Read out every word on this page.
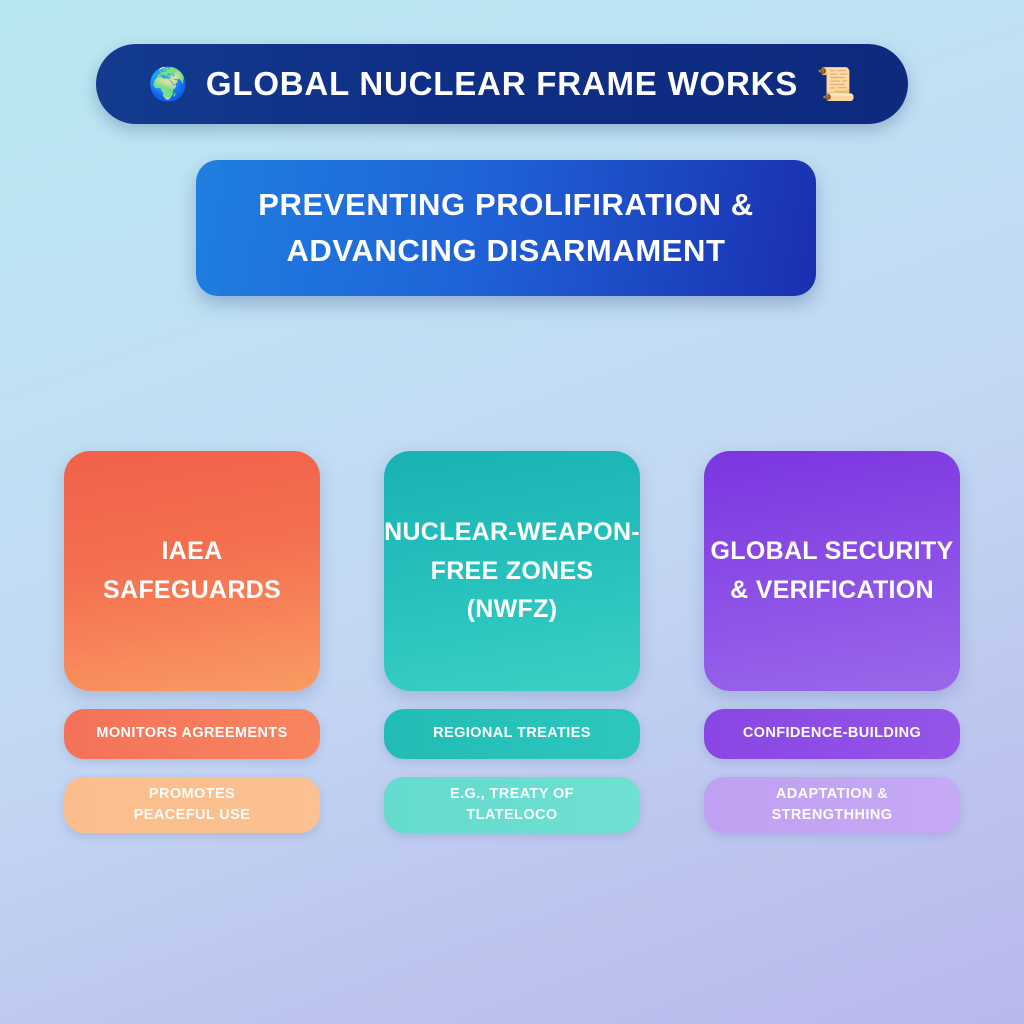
🌍 GLOBAL NUCLEAR FRAME WORKS 📜
PREVENTING PROLIFIRATION &
ADVANCING DISARMAMENT
IAEA
SAFEGUARDS
MONITORS AGREEMENTS
PROMOTES
PEACEFUL USE
NUCLEAR-WEAPON-
FREE ZONES
(NWFZ)
REGIONAL TREATIES
E.G., TREATY OF
TLATELOCO
GLOBAL SECURITY
& VERIFICATION
CONFIDENCE-BUILDING
ADAPTATION &
STRENGTHHING
